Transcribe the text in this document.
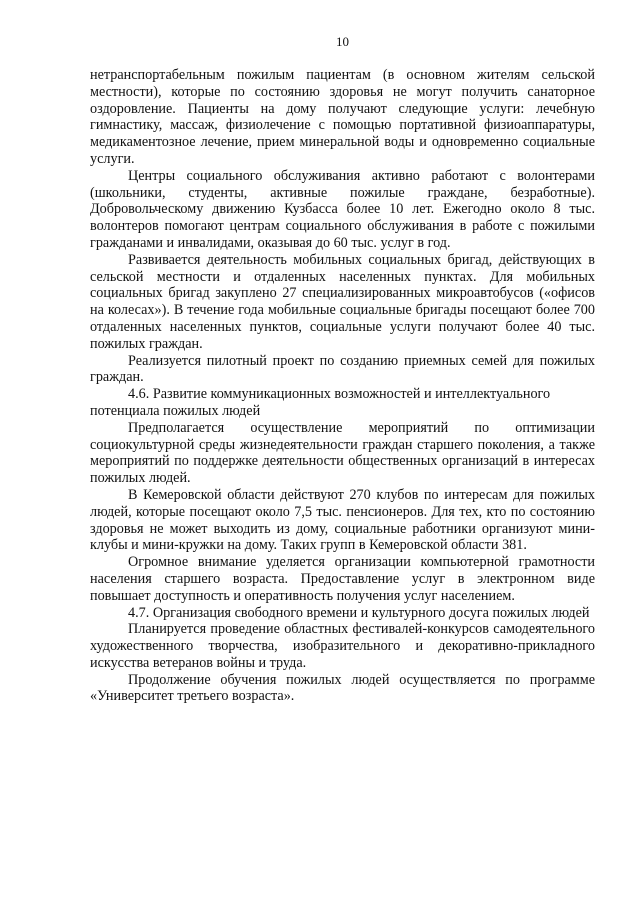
10

нетранспортабельным пожилым пациентам (в основном жителям сельской местности), которые по состоянию здоровья не могут получить санаторное оздоровление. Пациенты на дому получают следующие услуги: лечебную гимнастику, массаж, физиолечение с помощью портативной физиоаппаратуры, медикаментозное лечение, прием минеральной воды и одновременно социальные услуги.

Центры социального обслуживания активно работают с волонтерами (школьники, студенты, активные пожилые граждане, безработные). Добровольческому движению Кузбасса более 10 лет. Ежегодно около 8 тыс. волонтеров помогают центрам социального обслуживания в работе с пожилыми гражданами и инвалидами, оказывая до 60 тыс. услуг в год.

Развивается деятельность мобильных социальных бригад, действующих в сельской местности и отдаленных населенных пунктах. Для мобильных социальных бригад закуплено 27 специализированных микроавтобусов («офисов на колесах»). В течение года мобильные социальные бригады посещают более 700 отдаленных населенных пунктов, социальные услуги получают более 40 тыс. пожилых граждан.

Реализуется пилотный проект по созданию приемных семей для пожилых граждан.

4.6. Развитие коммуникационных возможностей и интеллектуального потенциала пожилых людей

Предполагается осуществление мероприятий по оптимизации социокультурной среды жизнедеятельности граждан старшего поколения, а также мероприятий по поддержке деятельности общественных организаций в интересах пожилых людей.

В Кемеровской области действуют 270 клубов по интересам для пожилых людей, которые посещают около 7,5 тыс. пенсионеров. Для тех, кто по состоянию здоровья не может выходить из дому, социальные работники организуют мини-клубы и мини-кружки на дому. Таких групп в Кемеровской области 381.

Огромное внимание уделяется организации компьютерной грамотности населения старшего возраста. Предоставление услуг в электронном виде повышает доступность и оперативность получения услуг населением.

4.7. Организация свободного времени и культурного досуга пожилых людей

Планируется проведение областных фестивалей-конкурсов самодеятельного художественного творчества, изобразительного и декоративно-прикладного искусства ветеранов войны и труда.

Продолжение обучения пожилых людей осуществляется по программе «Университет третьего возраста».
